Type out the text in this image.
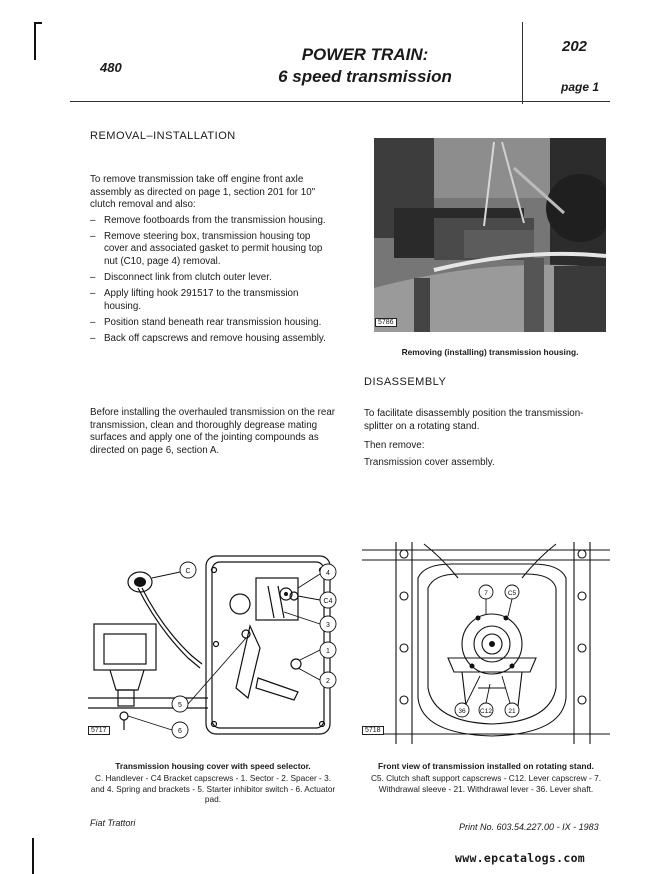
480
POWER TRAIN:
6 speed transmission
202
page 1
REMOVAL–INSTALLATION

To remove transmission take off engine front axle assembly as directed on page 1, section 201 for 10" clutch removal and also:

– Remove footboards from the transmission housing.
– Remove steering box, transmission housing top cover and associated gasket to permit housing top nut (C10, page 4) removal.
– Disconnect link from clutch outer lever.
– Apply lifting hook 291517 to the transmission housing.
– Position stand beneath rear transmission housing.
– Back off capscrews and remove housing assembly.
Before installing the overhauled transmission on the rear transmission, clean and thoroughly degrease mating surfaces and apply one of the jointing compounds as directed on page 6, section A.
5786
Removing (installing) transmission housing.
DISASSEMBLY

To facilitate disassembly position the transmission-splitter on a rotating stand.

Then remove:

Transmission cover assembly.

C	4
C4
3
1
2
5
6
5717
Transmission housing cover with speed selector.
C. Handlever - C4 Bracket capscrews - 1. Sector - 2. Spacer - 3. and 4. Spring and brackets - 5. Starter inhibitor switch - 6. Actuator pad.
7	C5
36 C12	21
5718
Front view of transmission installed on rotating stand.
C5. Clutch shaft support capscrews - C12. Lever capscrew - 7. Withdrawal sleeve - 21. Withdrawal lever - 36. Lever shaft.
Fiat Trattori	Print No. 603.54.227.00 - IX - 1983
www.epcatalogs.com
